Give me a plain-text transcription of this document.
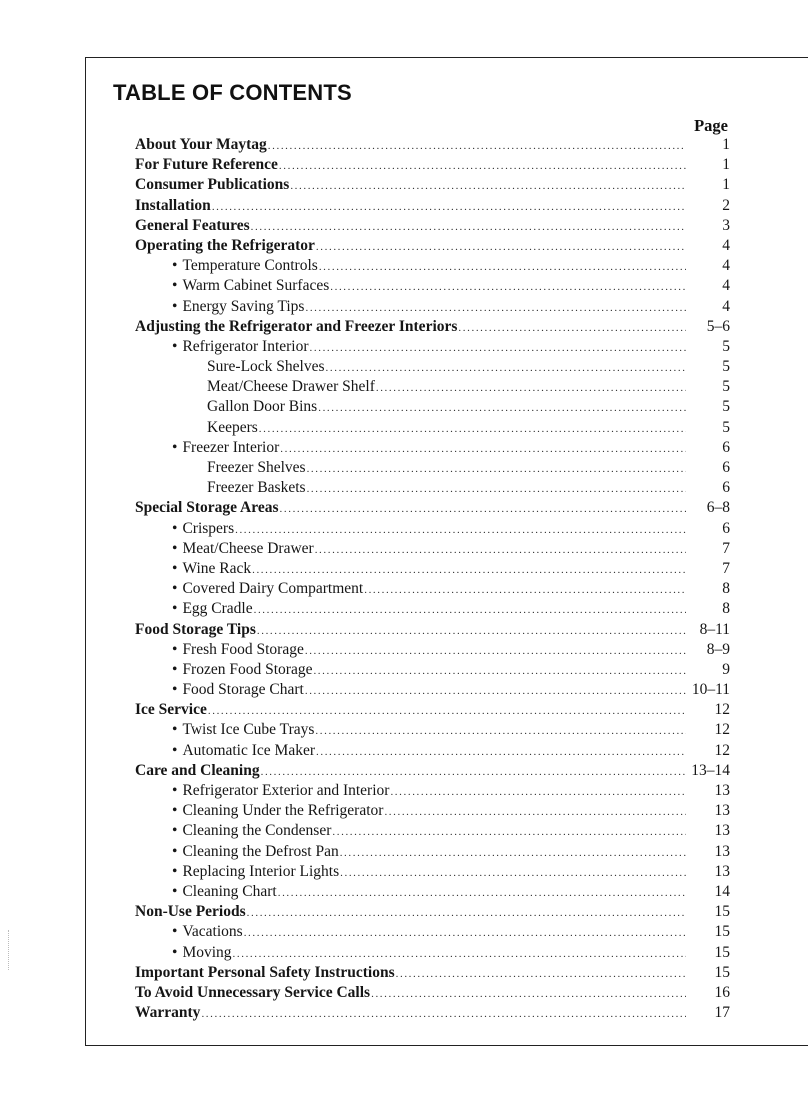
TABLE OF CONTENTS
Page
About Your Maytag .....	1
For Future Reference .....	1
Consumer Publications .....	1
Installation .....	2
General Features .....	3
Operating the Refrigerator .....	4
• Temperature Controls .....	4
• Warm Cabinet Surfaces .....	4
• Energy Saving Tips .....	4
Adjusting the Refrigerator and Freezer Interiors .....	5–6
• Refrigerator Interior .....	5
Sure-Lock Shelves .....	5
Meat/Cheese Drawer Shelf .....	5
Gallon Door Bins .....	5
Keepers .....	5
• Freezer Interior .....	6
Freezer Shelves .....	6
Freezer Baskets .....	6
Special Storage Areas .....	6–8
• Crispers .....	6
• Meat/Cheese Drawer .....	7
• Wine Rack .....	7
• Covered Dairy Compartment .....	8
• Egg Cradle .....	8
Food Storage Tips .....	8–11
• Fresh Food Storage .....	8–9
• Frozen Food Storage .....	9
• Food Storage Chart .....	10–11
Ice Service .....	12
• Twist Ice Cube Trays .....	12
• Automatic Ice Maker .....	12
Care and Cleaning .....	13–14
• Refrigerator Exterior and Interior .....	13
• Cleaning Under the Refrigerator .....	13
• Cleaning the Condenser .....	13
• Cleaning the Defrost Pan .....	13
• Replacing Interior Lights .....	13
• Cleaning Chart .....	14
Non-Use Periods .....	15
• Vacations .....	15
• Moving .....	15
Important Personal Safety Instructions .....	15
To Avoid Unnecessary Service Calls .....	16
Warranty .....	17
